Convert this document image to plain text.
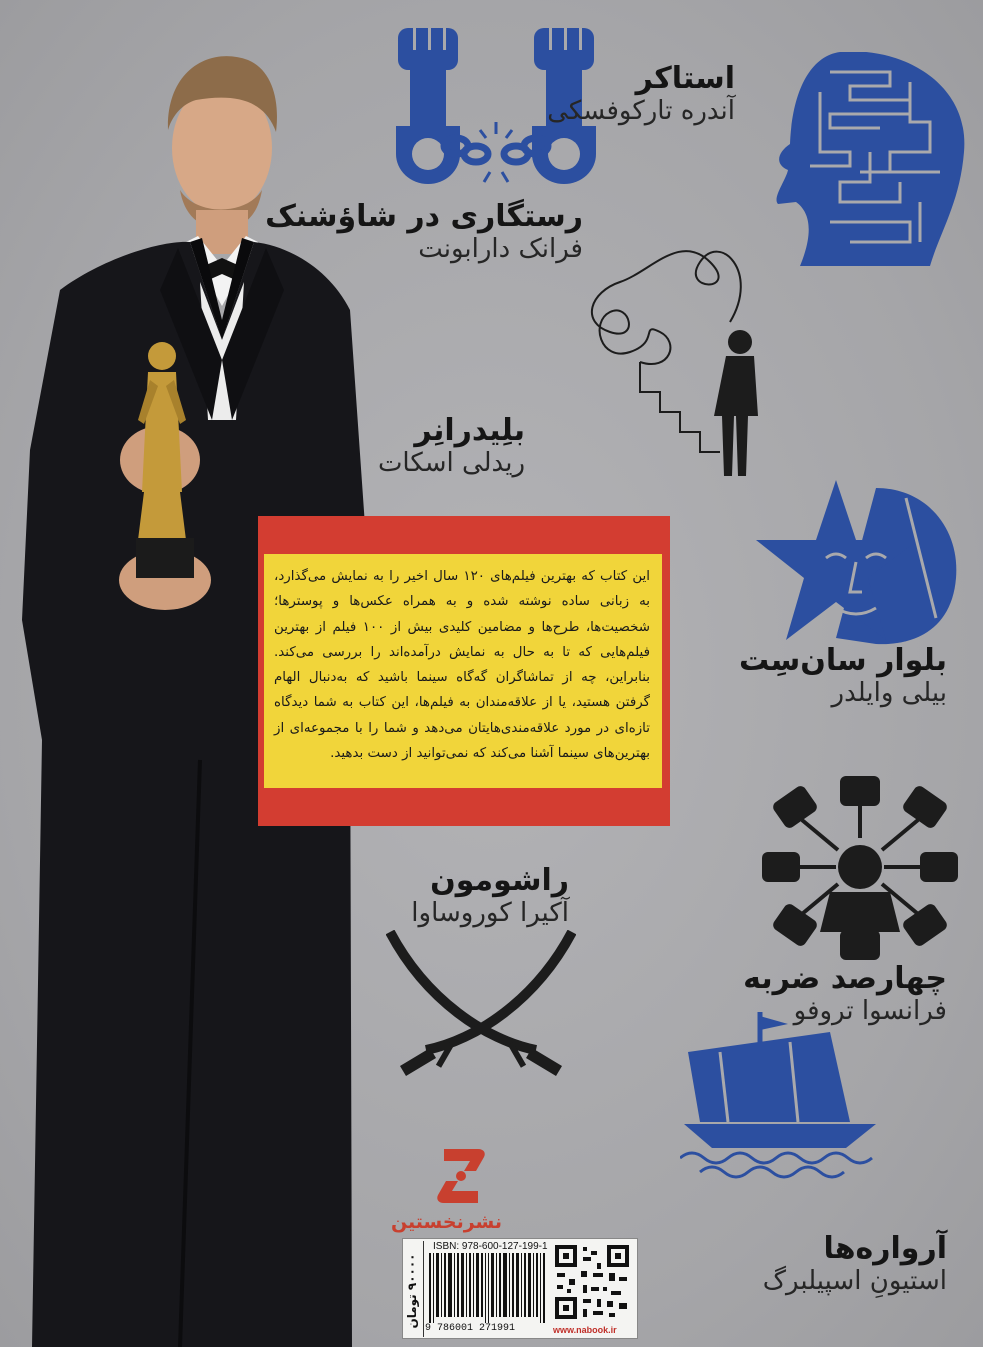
استاکر
آندره تارکوفسکی
رستگاری در شاؤشنک
فرانک دارابونت
بلِیدرانِر
ریدلی اسکات
بلوار سان‌سِت
بیلی وایلدر
راشومون
آکیرا کوروساوا
چهارصد ضربه
فرانسوا تروفو
آرواره‌ها
استیونِ اسپیلبرگ
این کتاب که بهترین فیلم‌های ۱۲۰ سال اخیر را به نمایش می‌گذارد، به زبانی ساده نوشته شده و به همراه عکس‌ها و پوسترها؛ شخصیت‌ها، طرح‌ها و مضامین کلیدی بیش از ۱۰۰ فیلم از بهترین فیلم‌هایی که تا به حال به نمایش درآمده‌اند را بررسی می‌کند. بنابراین، چه از تماشاگران گه‌گاه سینما باشید که به‌دنبال الهام گرفتن هستید، یا از علاقه‌مندان به فیلم‌ها، این کتاب به شما دیدگاه تازه‌ای در مورد علاقه‌مندی‌هایتان می‌دهد و شما را با مجموعه‌ای از بهترین‌های سینما آشنا می‌کند که نمی‌توانید از دست بدهید.
نشرنخستین
۹۰۰۰۰ تومان
ISBN: 978-600-127-199-1
9 786001 271991	www.nabook.ir
